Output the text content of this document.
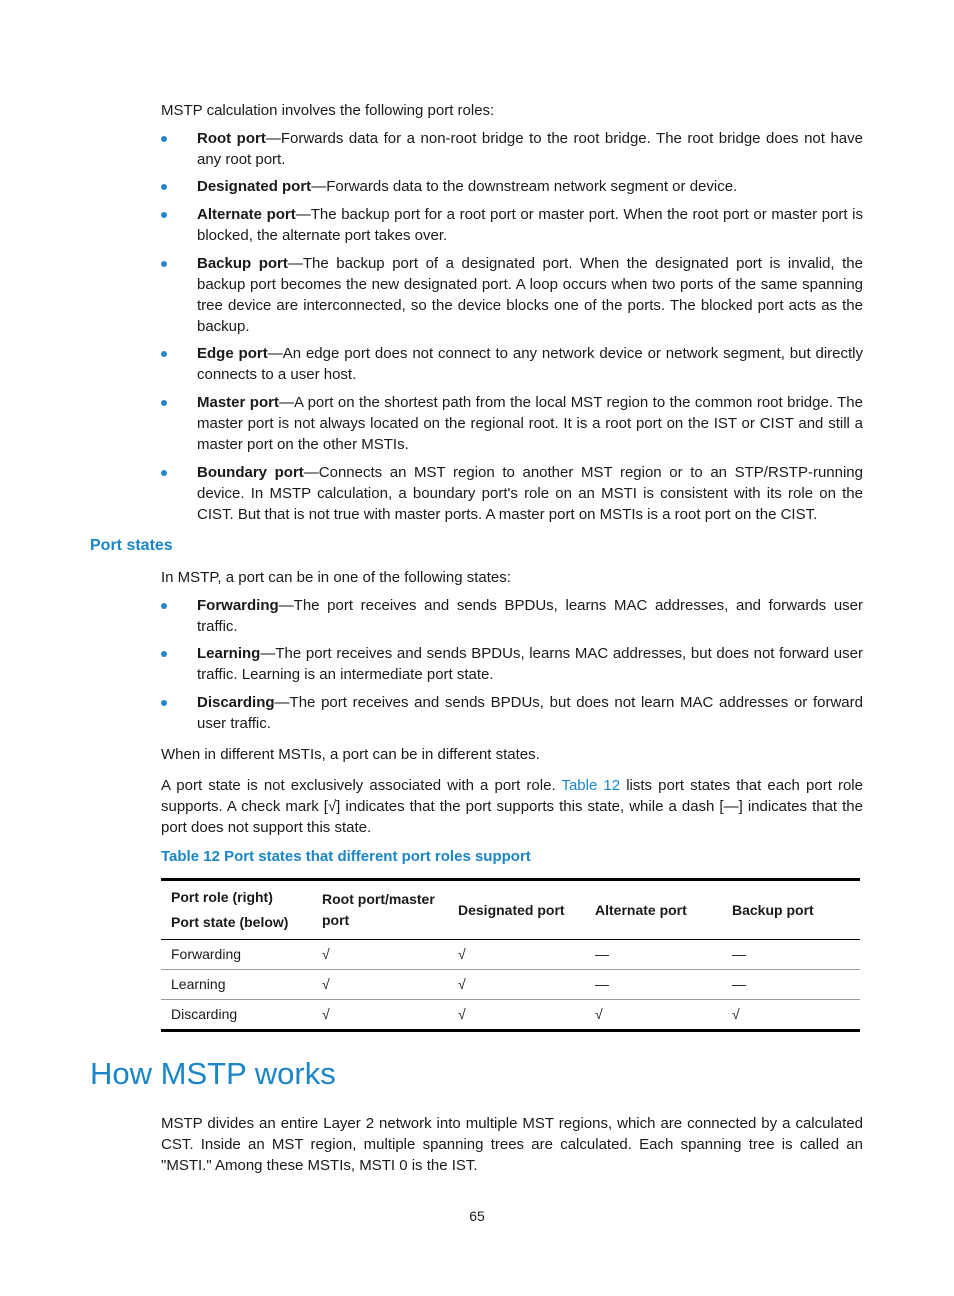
MSTP calculation involves the following port roles:

Root port—Forwards data for a non-root bridge to the root bridge. The root bridge does not have any root port.
Designated port—Forwards data to the downstream network segment or device.
Alternate port—The backup port for a root port or master port. When the root port or master port is blocked, the alternate port takes over.
Backup port—The backup port of a designated port. When the designated port is invalid, the backup port becomes the new designated port. A loop occurs when two ports of the same spanning tree device are interconnected, so the device blocks one of the ports. The blocked port acts as the backup.
Edge port—An edge port does not connect to any network device or network segment, but directly connects to a user host.
Master port—A port on the shortest path from the local MST region to the common root bridge. The master port is not always located on the regional root. It is a root port on the IST or CIST and still a master port on the other MSTIs.
Boundary port—Connects an MST region to another MST region or to an STP/RSTP-running device. In MSTP calculation, a boundary port's role on an MSTI is consistent with its role on the CIST. But that is not true with master ports. A master port on MSTIs is a root port on the CIST.
Port states

In MSTP, a port can be in one of the following states:

Forwarding—The port receives and sends BPDUs, learns MAC addresses, and forwards user traffic.
Learning—The port receives and sends BPDUs, learns MAC addresses, but does not forward user traffic. Learning is an intermediate port state.
Discarding—The port receives and sends BPDUs, but does not learn MAC addresses or forward user traffic.

When in different MSTIs, a port can be in different states.

A port state is not exclusively associated with a port role. Table 12 lists port states that each port role supports. A check mark [√] indicates that the port supports this state, while a dash [—] indicates that the port does not support this state.

Table 12 Port states that different port roles support

Port role (right)
Port state (below)	Root port/master port	Designated port	Alternate port	Backup port
Forwarding	√	√	—	—
Learning	√	√	—	—
Discarding	√	√	√	√
How MSTP works

MSTP divides an entire Layer 2 network into multiple MST regions, which are connected by a calculated CST. Inside an MST region, multiple spanning trees are calculated. Each spanning tree is called an "MSTI." Among these MSTIs, MSTI 0 is the IST.

65
